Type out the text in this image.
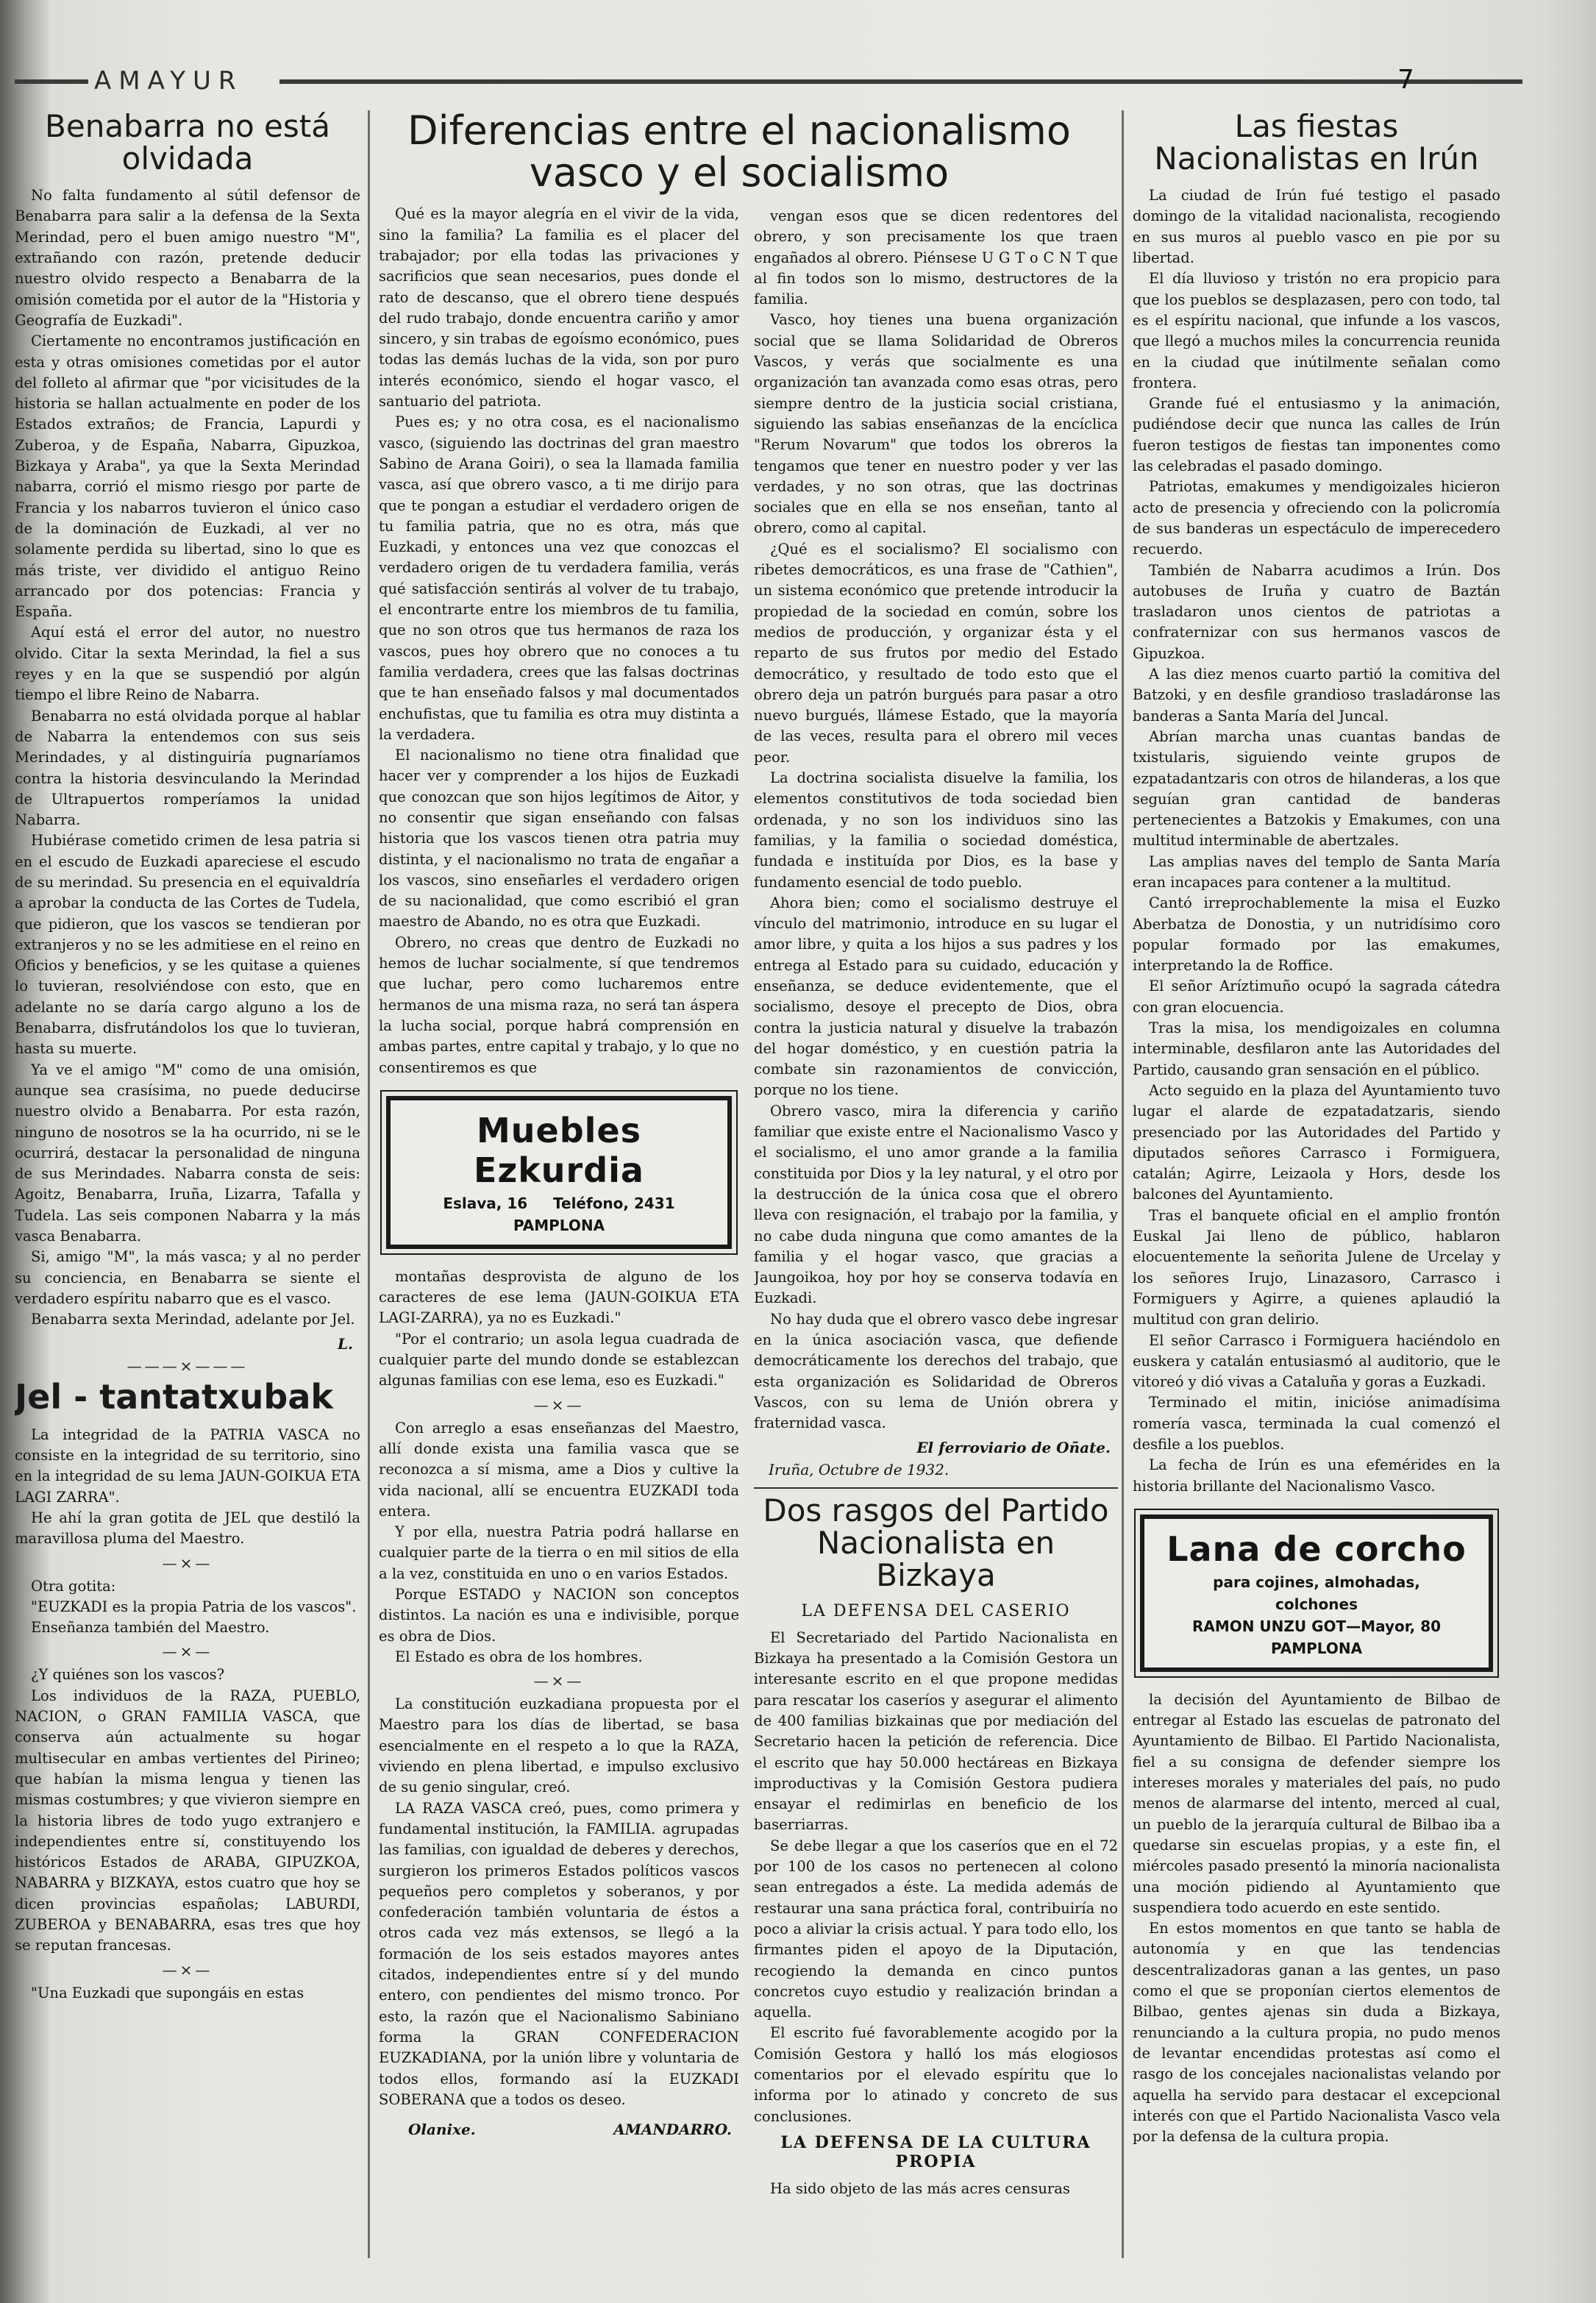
AMAYUR	7
Benabarra no está olvidada

No falta fundamento al sútil defensor de Benabarra para salir a la defensa de la Sexta Merindad, pero el buen amigo nuestro "M", extrañando con razón, pretende deducir nuestro olvido respecto a Benabarra de la omisión cometida por el autor de la "Historia y Geografía de Euzkadi".

Ciertamente no encontramos justificación en esta y otras omisiones cometidas por el autor del folleto al afirmar que "por vicisitudes de la historia se hallan actualmente en poder de los Estados extraños; de Francia, Lapurdi y Zuberoa, y de España, Nabarra, Gipuzkoa, Bizkaya y Araba", ya que la Sexta Merindad nabarra, corrió el mismo riesgo por parte de Francia y los nabarros tuvieron el único caso de la dominación de Euzkadi, al ver no solamente perdida su libertad, sino lo que es más triste, ver dividido el antiguo Reino arrancado por dos potencias: Francia y España.

Aquí está el error del autor, no nuestro olvido. Citar la sexta Merindad, la fiel a sus reyes y en la que se suspendió por algún tiempo el libre Reino de Nabarra.

Benabarra no está olvidada porque al hablar de Nabarra la entendemos con sus seis Merindades, y al distinguiría pugnaríamos contra la historia desvinculando la Merindad de Ultrapuertos romperíamos la unidad Nabarra.

Hubiérase cometido crimen de lesa patria si en el escudo de Euzkadi apareciese el escudo de su merindad. Su presencia en el equivaldría a aprobar la conducta de las Cortes de Tudela, que pidieron, que los vascos se tendieran por extranjeros y no se les admitiese en el reino en Oficios y beneficios, y se les quitase a quienes lo tuvieran, resolviéndose con esto, que en adelante no se daría cargo alguno a los de Benabarra, disfrutándolos los que lo tuvieran, hasta su muerte.

Ya ve el amigo "M" como de una omisión, aunque sea crasísima, no puede deducirse nuestro olvido a Benabarra. Por esta razón, ninguno de nosotros se la ha ocurrido, ni se le ocurrirá, destacar la personalidad de ninguna de sus Merindades. Nabarra consta de seis: Agoitz, Benabarra, Iruña, Lizarra, Tafalla y Tudela. Las seis componen Nabarra y la más vasca Benabarra.

Si, amigo "M", la más vasca; y al no perder su conciencia, en Benabarra se siente el verdadero espíritu nabarro que es el vasco.

Benabarra sexta Merindad, adelante por Jel.

L.
———×———
Jel - tantatxubak

La integridad de la PATRIA VASCA no consiste en la integridad de su territorio, sino en la integridad de su lema JAUN-GOIKUA ETA LAGI ZARRA".

He ahí la gran gotita de JEL que destiló la maravillosa pluma del Maestro.

—×—

Otra gotita:

"EUZKADI es la propia Patria de los vascos".

Enseñanza también del Maestro.

—×—

¿Y quiénes son los vascos?

Los individuos de la RAZA, PUEBLO, NACION, o GRAN FAMILIA VASCA, que conserva aún actualmente su hogar multisecular en ambas vertientes del Pirineo; que habían la misma lengua y tienen las mismas costumbres; y que vivieron siempre en la historia libres de todo yugo extranjero e independientes entre sí, constituyendo los históricos Estados de ARABA, GIPUZKOA, NABARRA y BIZKAYA, estos cuatro que hoy se dicen provincias españolas; LABURDI, ZUBEROA y BENABARRA, esas tres que hoy se reputan francesas.

—×—

"Una Euzkadi que supongáis en estas

Diferencias entre el nacionalismo vasco y el socialismo

Qué es la mayor alegría en el vivir de la vida, sino la familia? La familia es el placer del trabajador; por ella todas las privaciones y sacrificios que sean necesarios, pues donde el rato de descanso, que el obrero tiene después del rudo trabajo, donde encuentra cariño y amor sincero, y sin trabas de egoísmo económico, pues todas las demás luchas de la vida, son por puro interés económico, siendo el hogar vasco, el santuario del patriota.

Pues es; y no otra cosa, es el nacionalismo vasco, (siguiendo las doctrinas del gran maestro Sabino de Arana Goiri), o sea la llamada familia vasca, así que obrero vasco, a ti me dirijo para que te pongan a estudiar el verdadero origen de tu familia patria, que no es otra, más que Euzkadi, y entonces una vez que conozcas el verdadero origen de tu verdadera familia, verás qué satisfacción sentirás al volver de tu trabajo, el encontrarte entre los miembros de tu familia, que no son otros que tus hermanos de raza los vascos, pues hoy obrero que no conoces a tu familia verdadera, crees que las falsas doctrinas que te han enseñado falsos y mal documentados enchufistas, que tu familia es otra muy distinta a la verdadera.

El nacionalismo no tiene otra finalidad que hacer ver y comprender a los hijos de Euzkadi que conozcan que son hijos legítimos de Aitor, y no consentir que sigan enseñando con falsas historia que los vascos tienen otra patria muy distinta, y el nacionalismo no trata de engañar a los vascos, sino enseñarles el verdadero origen de su nacionalidad, que como escribió el gran maestro de Abando, no es otra que Euzkadi.

Obrero, no creas que dentro de Euzkadi no hemos de luchar socialmente, sí que tendremos que luchar, pero como lucharemos entre hermanos de una misma raza, no será tan áspera la lucha social, porque habrá comprensión en ambas partes, entre capital y trabajo, y lo que no consentiremos es que

Muebles Ezkurdia
Eslava, 16 Teléfono, 2431
PAMPLONA

montañas desprovista de alguno de los caracteres de ese lema (JAUN-GOIKUA ETA LAGI-ZARRA), ya no es Euzkadi."

"Por el contrario; un asola legua cuadrada de cualquier parte del mundo donde se establezcan algunas familias con ese lema, eso es Euzkadi."

—×—

Con arreglo a esas enseñanzas del Maestro, allí donde exista una familia vasca que se reconozca a sí misma, ame a Dios y cultive la vida nacional, allí se encuentra EUZKADI toda entera.

Y por ella, nuestra Patria podrá hallarse en cualquier parte de la tierra o en mil sitios de ella a la vez, constituida en uno o en varios Estados.

Porque ESTADO y NACION son conceptos distintos. La nación es una e indivisible, porque es obra de Dios.

El Estado es obra de los hombres.

—×—

La constitución euzkadiana propuesta por el Maestro para los días de libertad, se basa esencialmente en el respeto a lo que la RAZA, viviendo en plena libertad, e impulso exclusivo de su genio singular, creó.

LA RAZA VASCA creó, pues, como primera y fundamental institución, la FAMILIA. agrupadas las familias, con igualdad de deberes y derechos, surgieron los primeros Estados políticos vascos pequeños pero completos y soberanos, y por confederación también voluntaria de éstos a otros cada vez más extensos, se llegó a la formación de los seis estados mayores antes citados, independientes entre sí y del mundo entero, con pendientes del mismo tronco. Por esto, la razón que el Nacionalismo Sabiniano forma la GRAN CONFEDERACION EUZKADIANA, por la unión libre y voluntaria de todos ellos, formando así la EUZKADI SOBERANA que a todos os deseo.

Olanixe.	AMANDARRO.

vengan esos que se dicen redentores del obrero, y son precisamente los que traen engañados al obrero. Piénsese U G T o C N T que al fin todos son lo mismo, destructores de la familia.

Vasco, hoy tienes una buena organización social que se llama Solidaridad de Obreros Vascos, y verás que socialmente es una organización tan avanzada como esas otras, pero siempre dentro de la justicia social cristiana, siguiendo las sabias enseñanzas de la encíclica "Rerum Novarum" que todos los obreros la tengamos que tener en nuestro poder y ver las verdades, y no son otras, que las doctrinas sociales que en ella se nos enseñan, tanto al obrero, como al capital.

¿Qué es el socialismo? El socialismo con ribetes democráticos, es una frase de "Cathien", un sistema económico que pretende introducir la propiedad de la sociedad en común, sobre los medios de producción, y organizar ésta y el reparto de sus frutos por medio del Estado democrático, y resultado de todo esto que el obrero deja un patrón burgués para pasar a otro nuevo burgués, llámese Estado, que la mayoría de las veces, resulta para el obrero mil veces peor.

La doctrina socialista disuelve la familia, los elementos constitutivos de toda sociedad bien ordenada, y no son los individuos sino las familias, y la familia o sociedad doméstica, fundada e instituída por Dios, es la base y fundamento esencial de todo pueblo.

Ahora bien; como el socialismo destruye el vínculo del matrimonio, introduce en su lugar el amor libre, y quita a los hijos a sus padres y los entrega al Estado para su cuidado, educación y enseñanza, se deduce evidentemente, que el socialismo, desoye el precepto de Dios, obra contra la justicia natural y disuelve la trabazón del hogar doméstico, y en cuestión patria la combate sin razonamientos de convicción, porque no los tiene.

Obrero vasco, mira la diferencia y cariño familiar que existe entre el Nacionalismo Vasco y el socialismo, el uno amor grande a la familia constituida por Dios y la ley natural, y el otro por la destrucción de la única cosa que el obrero lleva con resignación, el trabajo por la familia, y no cabe duda ninguna que como amantes de la familia y el hogar vasco, que gracias a Jaungoikoa, hoy por hoy se conserva todavía en Euzkadi.

No hay duda que el obrero vasco debe ingresar en la única asociación vasca, que defiende democráticamente los derechos del trabajo, que esta organización es Solidaridad de Obreros Vascos, con su lema de Unión obrera y fraternidad vasca.

El ferroviario de Oñate.
Iruña, Octubre de 1932.
Dos rasgos del Partido Nacionalista en Bizkaya
LA DEFENSA DEL CASERIO

El Secretariado del Partido Nacionalista en Bizkaya ha presentado a la Comisión Gestora un interesante escrito en el que propone medidas para rescatar los caseríos y asegurar el alimento de 400 familias bizkainas que por mediación del Secretario hacen la petición de referencia. Dice el escrito que hay 50.000 hectáreas en Bizkaya improductivas y la Comisión Gestora pudiera ensayar el redimirlas en beneficio de los baserriarras.

Se debe llegar a que los caseríos que en el 72 por 100 de los casos no pertenecen al colono sean entregados a éste. La medida además de restaurar una sana práctica foral, contribuiría no poco a aliviar la crisis actual. Y para todo ello, los firmantes piden el apoyo de la Diputación, recogiendo la demanda en cinco puntos concretos cuyo estudio y realización brindan a aquella.

El escrito fué favorablemente acogido por la Comisión Gestora y halló los más elogiosos comentarios por el elevado espíritu que lo informa por lo atinado y concreto de sus conclusiones.

LA DEFENSA DE LA CULTURA PROPIA

Ha sido objeto de las más acres censuras

Las fiestas Nacionalistas en Irún

La ciudad de Irún fué testigo el pasado domingo de la vitalidad nacionalista, recogiendo en sus muros al pueblo vasco en pie por su libertad.

El día lluvioso y tristón no era propicio para que los pueblos se desplazasen, pero con todo, tal es el espíritu nacional, que infunde a los vascos, que llegó a muchos miles la concurrencia reunida en la ciudad que inútilmente señalan como frontera.

Grande fué el entusiasmo y la animación, pudiéndose decir que nunca las calles de Irún fueron testigos de fiestas tan imponentes como las celebradas el pasado domingo.

Patriotas, emakumes y mendigoizales hicieron acto de presencia y ofreciendo con la policromía de sus banderas un espectáculo de imperecedero recuerdo.

También de Nabarra acudimos a Irún. Dos autobuses de Iruña y cuatro de Baztán trasladaron unos cientos de patriotas a confraternizar con sus hermanos vascos de Gipuzkoa.

A las diez menos cuarto partió la comitiva del Batzoki, y en desfile grandioso trasladáronse las banderas a Santa María del Juncal.

Abrían marcha unas cuantas bandas de txistularis, siguiendo veinte grupos de ezpatadantzaris con otros de hilanderas, a los que seguían gran cantidad de banderas pertenecientes a Batzokis y Emakumes, con una multitud interminable de abertzales.

Las amplias naves del templo de Santa María eran incapaces para contener a la multitud.

Cantó irreprochablemente la misa el Euzko Aberbatza de Donostia, y un nutridísimo coro popular formado por las emakumes, interpretando la de Roffice.

El señor Aríztimuño ocupó la sagrada cátedra con gran elocuencia.

Tras la misa, los mendigoizales en columna interminable, desfilaron ante las Autoridades del Partido, causando gran sensación en el público.

Acto seguido en la plaza del Ayuntamiento tuvo lugar el alarde de ezpatadatzaris, siendo presenciado por las Autoridades del Partido y diputados señores Carrasco i Formiguera, catalán; Agirre, Leizaola y Hors, desde los balcones del Ayuntamiento.

Tras el banquete oficial en el amplio frontón Euskal Jai lleno de público, hablaron elocuentemente la señorita Julene de Urcelay y los señores Irujo, Linazasoro, Carrasco i Formiguers y Agirre, a quienes aplaudió la multitud con gran delirio.

El señor Carrasco i Formiguera haciéndolo en euskera y catalán entusiasmó al auditorio, que le vitoreó y dió vivas a Cataluña y goras a Euzkadi.

Terminado el mitin, inicióse animadísima romería vasca, terminada la cual comenzó el desfile a los pueblos.

La fecha de Irún es una efemérides en la historia brillante del Nacionalismo Vasco.

Lana de corcho
para cojines, almohadas,
colchones
RAMON UNZU GOT—Mayor, 80
PAMPLONA

la decisión del Ayuntamiento de Bilbao de entregar al Estado las escuelas de patronato del Ayuntamiento de Bilbao. El Partido Nacionalista, fiel a su consigna de defender siempre los intereses morales y materiales del país, no pudo menos de alarmarse del intento, merced al cual, un pueblo de la jerarquía cultural de Bilbao iba a quedarse sin escuelas propias, y a este fin, el miércoles pasado presentó la minoría nacionalista una moción pidiendo al Ayuntamiento que suspendiera todo acuerdo en este sentido.

En estos momentos en que tanto se habla de autonomía y en que las tendencias descentralizadoras ganan a las gentes, un paso como el que se proponían ciertos elementos de Bilbao, gentes ajenas sin duda a Bizkaya, renunciando a la cultura propia, no pudo menos de levantar encendidas protestas así como el rasgo de los concejales nacionalistas velando por aquella ha servido para destacar el excepcional interés con que el Partido Nacionalista Vasco vela por la defensa de la cultura propia.
